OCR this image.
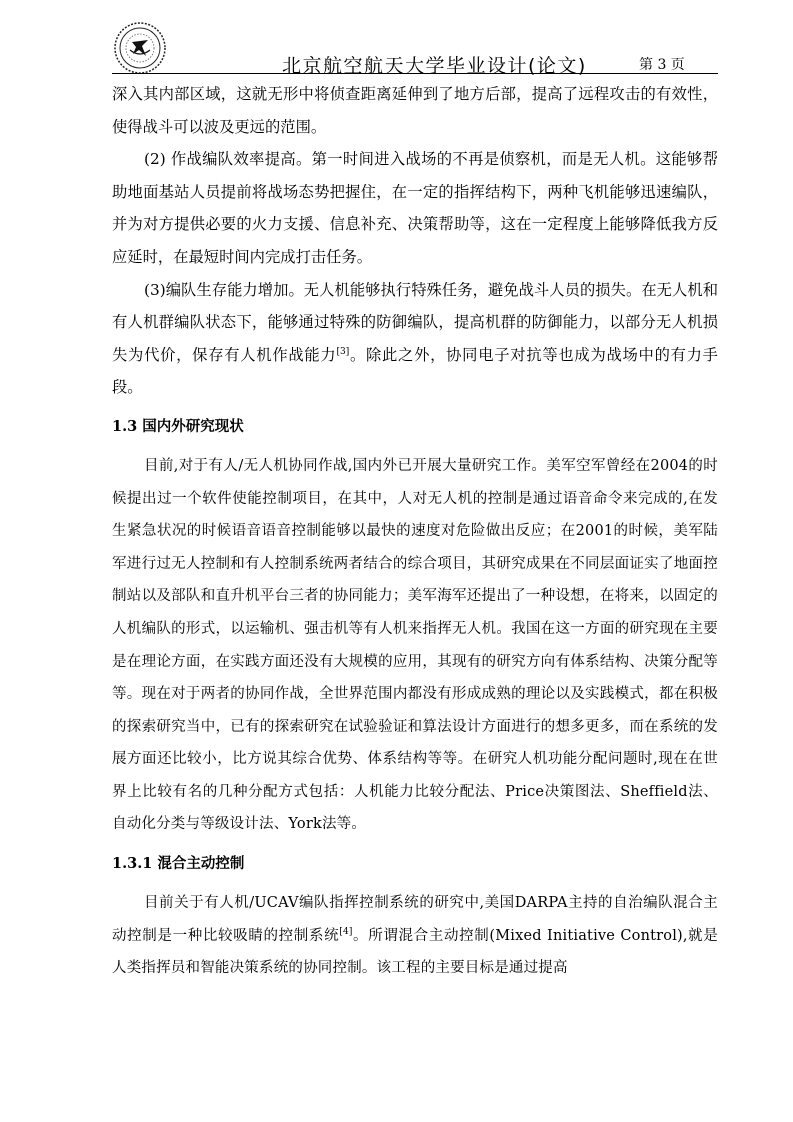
北京航空航天大学毕业设计(论文)	第 3 页

深入其内部区域，这就无形中将侦查距离延伸到了地方后部，提高了远程攻击的有效性，使得战斗可以波及更远的范围。

(2) 作战编队效率提高。第一时间进入战场的不再是侦察机，而是无人机。这能够帮助地面基站人员提前将战场态势把握住，在一定的指挥结构下，两种飞机能够迅速编队，并为对方提供必要的火力支援、信息补充、决策帮助等，这在一定程度上能够降低我方反应延时，在最短时间内完成打击任务。

(3)编队生存能力增加。无人机能够执行特殊任务，避免战斗人员的损失。在无人机和有人机群编队状态下，能够通过特殊的防御编队，提高机群的防御能力，以部分无人机损失为代价，保存有人机作战能力[3]。除此之外，协同电子对抗等也成为战场中的有力手段。

1.3 国内外研究现状

目前,对于有人/无人机协同作战,国内外已开展大量研究工作。美军空军曾经在2004的时候提出过一个软件使能控制项目，在其中，人对无人机的控制是通过语音命令来完成的,在发生紧急状况的时候语音语音控制能够以最快的速度对危险做出反应；在2001的时候，美军陆军进行过无人控制和有人控制系统两者结合的综合项目，其研究成果在不同层面证实了地面控制站以及部队和直升机平台三者的协同能力；美军海军还提出了一种设想，在将来，以固定的人机编队的形式，以运输机、强击机等有人机来指挥无人机。我国在这一方面的研究现在主要是在理论方面，在实践方面还没有大规模的应用，其现有的研究方向有体系结构、决策分配等等。现在对于两者的协同作战，全世界范围内都没有形成成熟的理论以及实践模式，都在积极的探索研究当中，已有的探索研究在试验验证和算法设计方面进行的想多更多，而在系统的发展方面还比较小，比方说其综合优势、体系结构等等。在研究人机功能分配问题时,现在在世界上比较有名的几种分配方式包括：人机能力比较分配法、Price决策图法、Sheffield法、自动化分类与等级设计法、York法等。

1.3.1 混合主动控制

目前关于有人机/UCAV编队指挥控制系统的研究中,美国DARPA主持的自治编队混合主动控制是一种比较吸睛的控制系统[4]。所谓混合主动控制(Mixed Initiative Control),就是人类指挥员和智能决策系统的协同控制。该工程的主要目标是通过提高
